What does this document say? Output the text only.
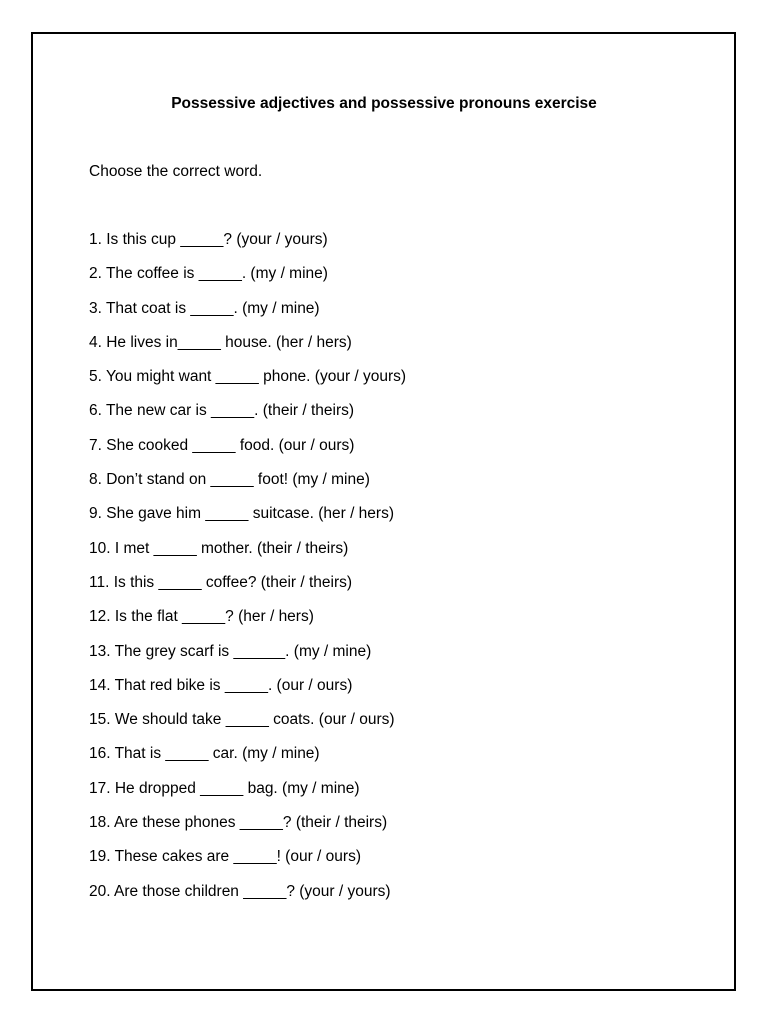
Possessive adjectives and possessive pronouns exercise
Choose the correct word.
1. Is this cup _____? (your / yours)
2. The coffee is _____. (my / mine)
3. That coat is _____. (my / mine)
4. He lives in_____ house. (her / hers)
5. You might want _____ phone. (your / yours)
6. The new car is _____. (their / theirs)
7. She cooked _____ food. (our / ours)
8. Don’t stand on _____ foot! (my / mine)
9. She gave him _____ suitcase. (her / hers)
10. I met _____ mother. (their / theirs)
11. Is this _____ coffee? (their / theirs)
12. Is the flat _____? (her / hers)
13. The grey scarf is ______. (my / mine)
14. That red bike is _____. (our / ours)
15. We should take _____ coats. (our / ours)
16. That is _____ car. (my / mine)
17. He dropped _____ bag. (my / mine)
18. Are these phones _____? (their / theirs)
19. These cakes are _____! (our / ours)
20. Are those children _____? (your / yours)
